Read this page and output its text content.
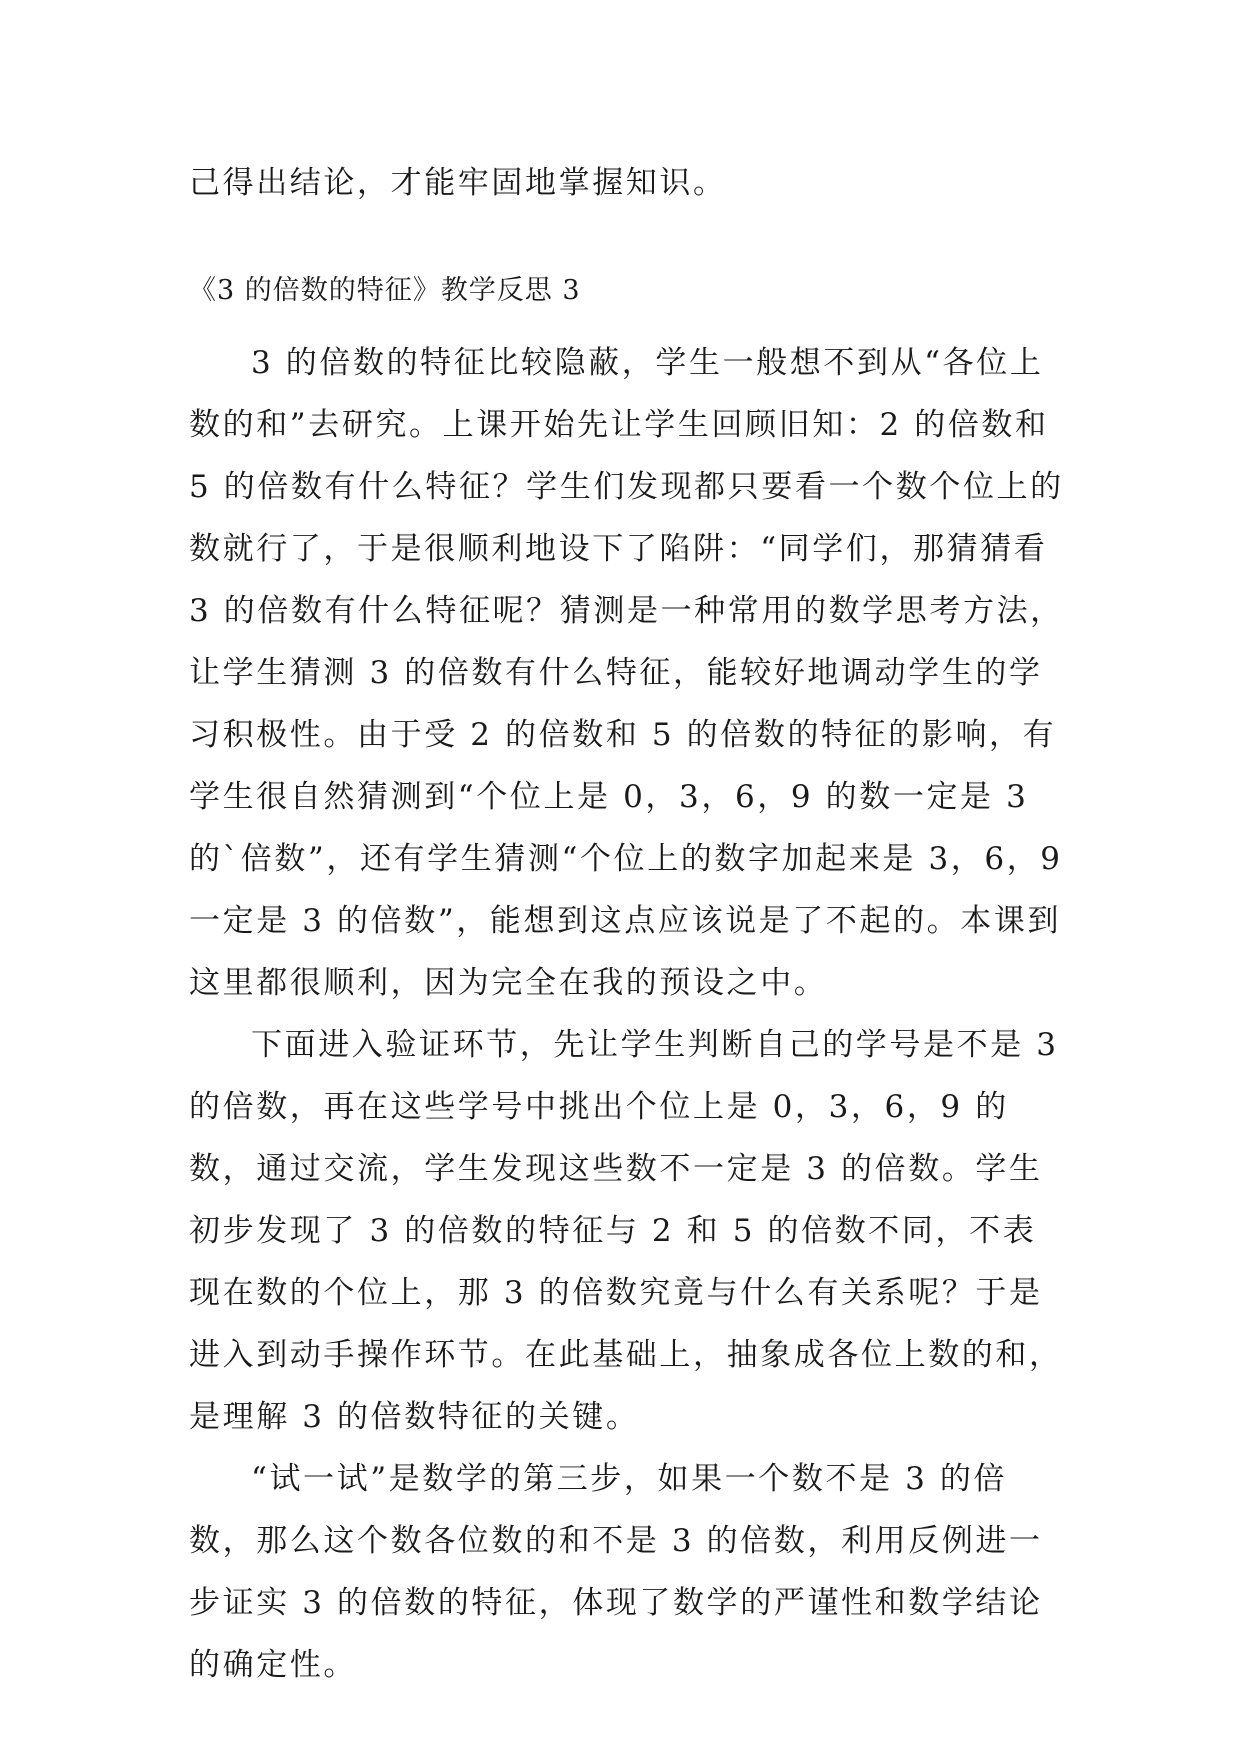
己得出结论，才能牢固地掌握知识。
《3 的倍数的特征》教学反思 3

3 的倍数的特征比较隐蔽，学生一般想不到从“各位上数的和”去研究。上课开始先让学生回顾旧知：2 的倍数和 5 的倍数有什么特征？学生们发现都只要看一个数个位上的数就行了，于是很顺利地设下了陷阱：“同学们，那猜猜看 3 的倍数有什么特征呢？猜测是一种常用的数学思考方法，让学生猜测 3 的倍数有什么特征，能较好地调动学生的学习积极性。由于受 2 的倍数和 5 的倍数的特征的影响，有学生很自然猜测到“个位上是 0，3，6，9 的数一定是 3 的`倍数”，还有学生猜测“个位上的数字加起来是 3，6，9 一定是 3 的倍数”，能想到这点应该说是了不起的。本课到这里都很顺利，因为完全在我的预设之中。

下面进入验证环节，先让学生判断自己的学号是不是 3 的倍数，再在这些学号中挑出个位上是 0，3，6，9 的数，通过交流，学生发现这些数不一定是 3 的倍数。学生初步发现了 3 的倍数的特征与 2 和 5 的倍数不同，不表现在数的个位上，那 3 的倍数究竟与什么有关系呢？于是进入到动手操作环节。在此基础上，抽象成各位上数的和，是理解 3 的倍数特征的关键。

“试一试”是数学的第三步，如果一个数不是 3 的倍数，那么这个数各位数的和不是 3 的倍数，利用反例进一步证实 3 的倍数的特征，体现了数学的严谨性和数学结论的确定性。
